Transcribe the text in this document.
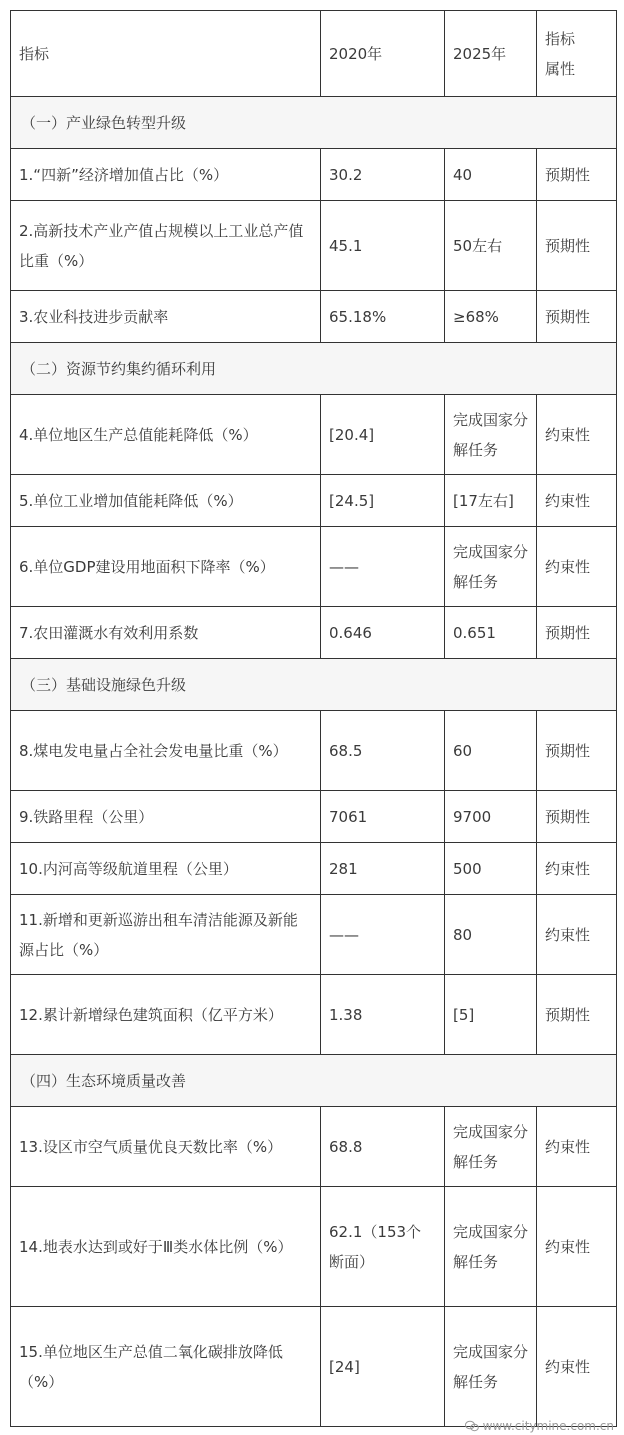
指标	2020年	2025年	指标
属性
（一）产业绿色转型升级			
1.“四新”经济增加值占比（%）	30.2	40	预期性
2.高新技术产业产值占规模以上工业总产值比重（%）	45.1	50左右	预期性
3.农业科技进步贡献率	65.18%	≥68%	预期性
（二）资源节约集约循环利用			
4.单位地区生产总值能耗降低（%）	[20.4]	完成国家分解任务	约束性
5.单位工业增加值能耗降低（%）	[24.5]	[17左右]	约束性
6.单位GDP建设用地面积下降率（%）	——	完成国家分解任务	约束性
7.农田灌溉水有效利用系数	0.646	0.651	预期性
（三）基础设施绿色升级			
8.煤电发电量占全社会发电量比重（%）	68.5	60	预期性
9.铁路里程（公里）	7061	9700	预期性
10.内河高等级航道里程（公里）	281	500	约束性
11.新增和更新巡游出租车清洁能源及新能源占比（%）	——	80	约束性
12.累计新增绿色建筑面积（亿平方米）	1.38	[5]	预期性
（四）生态环境质量改善			
13.设区市空气质量优良天数比率（%）	68.8	完成国家分解任务	约束性
14.地表水达到或好于Ⅲ类水体比例（%）	62.1（153个断面）	完成国家分解任务	约束性
15.单位地区生产总值二氧化碳排放降低（%）	[24]	完成国家分解任务	约束性
www.citymine.com.cn
